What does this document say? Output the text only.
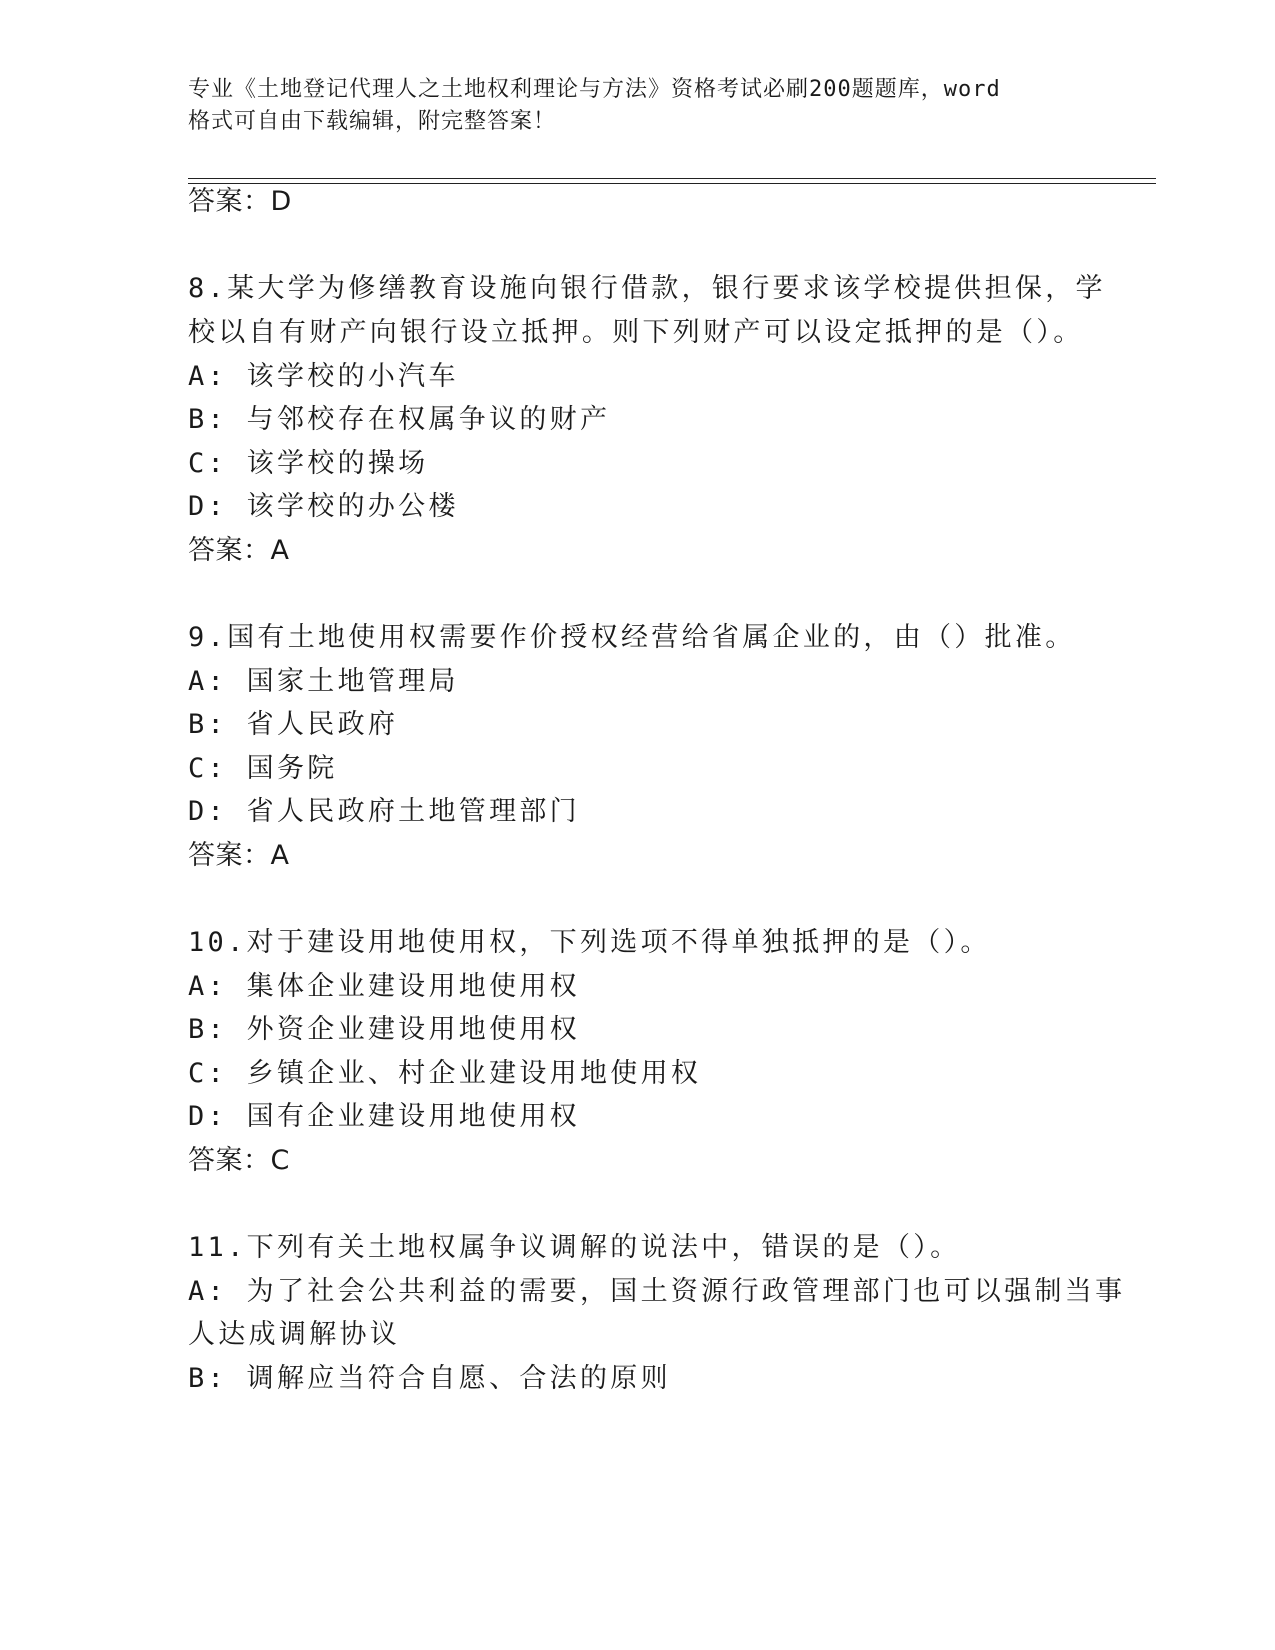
专业《土地登记代理人之土地权利理论与方法》资格考试必刷200题题库，word
格式可自由下载编辑，附完整答案！
答案：D
8.某大学为修缮教育设施向银行借款，银行要求该学校提供担保，学
校以自有财产向银行设立抵押。则下列财产可以设定抵押的是（）。
A: 该学校的小汽车
B: 与邻校存在权属争议的财产
C: 该学校的操场
D: 该学校的办公楼
答案：A
9.国有土地使用权需要作价授权经营给省属企业的，由（）批准。
A: 国家土地管理局
B: 省人民政府
C: 国务院
D: 省人民政府土地管理部门
答案：A
10.对于建设用地使用权，下列选项不得单独抵押的是（）。
A: 集体企业建设用地使用权
B: 外资企业建设用地使用权
C: 乡镇企业、村企业建设用地使用权
D: 国有企业建设用地使用权
答案：C
11.下列有关土地权属争议调解的说法中，错误的是（）。
A: 为了社会公共利益的需要，国土资源行政管理部门也可以强制当事
人达成调解协议
B: 调解应当符合自愿、合法的原则
